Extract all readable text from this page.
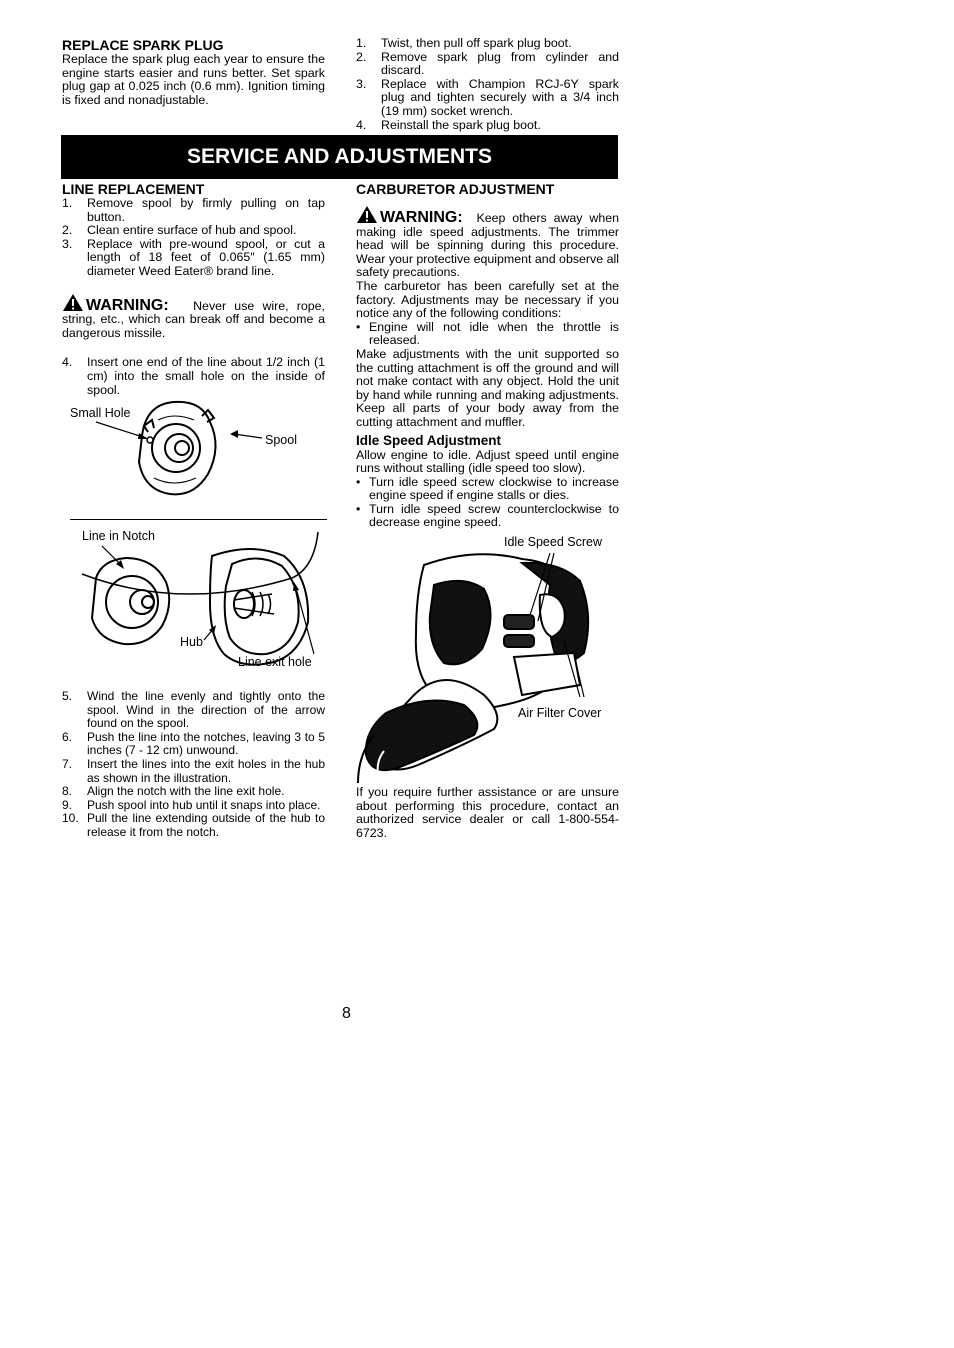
REPLACE SPARK PLUG

Replace the spark plug each year to ensure the engine starts easier and runs better. Set spark plug gap at 0.025 inch (0.6 mm). Ignition timing is fixed and nonadjustable.

1. Twist, then pull off spark plug boot.
2. Remove spark plug from cylinder and discard.
3. Replace with Champion RCJ-6Y spark plug and tighten securely with a 3/4 inch (19 mm) socket wrench.
4. Reinstall the spark plug boot.
SERVICE AND ADJUSTMENTS
LINE REPLACEMENT
1. Remove spool by firmly pulling on tap button.
2. Clean entire surface of hub and spool.
3. Replace with pre-wound spool, or cut a length of 18 feet of 0.065″ (1.65 mm) diameter Weed Eater® brand line.

WARNING: Never use wire, rope, string, etc., which can break off and become a dangerous missile.

4. Insert one end of the line about 1/2 inch (1 cm) into the small hole on the inside of spool.
Small Hole
Spool
Line in Notch
Hub
Line exit hole
5. Wind the line evenly and tightly onto the spool. Wind in the direction of the arrow found on the spool.
6. Push the line into the notches, leaving 3 to 5 inches (7 - 12 cm) unwound.
7. Insert the lines into the exit holes in the hub as shown in the illustration.
8. Align the notch with the line exit hole.
9. Push spool into hub until it snaps into place.
10. Pull the line extending outside of the hub to release it from the notch.
CARBURETOR ADJUSTMENT

WARNING: Keep others away when making idle speed adjustments. The trimmer head will be spinning during this procedure. Wear your protective equipment and observe all safety precautions.

The carburetor has been carefully set at the factory. Adjustments may be necessary if you notice any of the following conditions:

• Engine will not idle when the throttle is released.

Make adjustments with the unit supported so the cutting attachment is off the ground and will not make contact with any object. Hold the unit by hand while running and making adjustments. Keep all parts of your body away from the cutting attachment and muffler.

Idle Speed Adjustment

Allow engine to idle. Adjust speed until engine runs without stalling (idle speed too slow).

• Turn idle speed screw clockwise to increase engine speed if engine stalls or dies.
• Turn idle speed screw counterclockwise to decrease engine speed.
Idle Speed Screw
Air Filter Cover

If you require further assistance or are unsure about performing this procedure, contact an authorized service dealer or call 1-800-554-6723.

8
